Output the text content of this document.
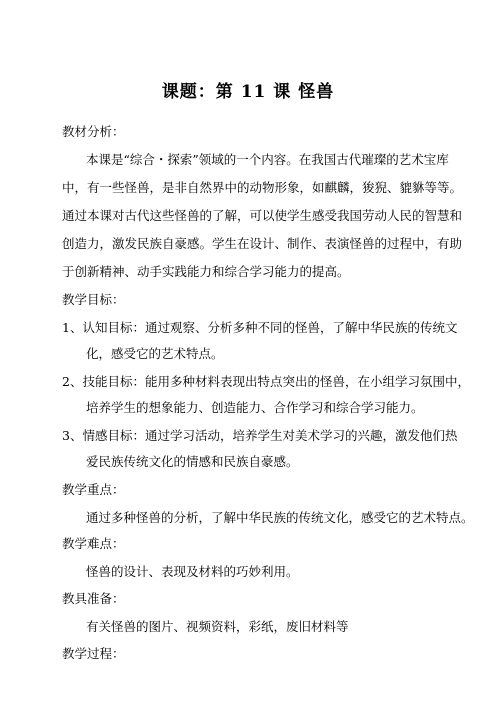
课题：第 11 课 怪兽
教材分析：
本课是“综合・探索”领域的一个内容。在我国古代璀璨的艺术宝库
中，有一些怪兽，是非自然界中的动物形象，如麒麟，狻猊、貔貅等等。
通过本课对古代这些怪兽的了解，可以使学生感受我国劳动人民的智慧和
创造力，激发民族自豪感。学生在设计、制作、表演怪兽的过程中，有助
于创新精神、动手实践能力和综合学习能力的提高。
教学目标：
1、认知目标：通过观察、分析多种不同的怪兽，了解中华民族的传统文
化，感受它的艺术特点。
2、技能目标：能用多种材料表现出特点突出的怪兽，在小组学习氛围中，
培养学生的想象能力、创造能力、合作学习和综合学习能力。
3、情感目标：通过学习活动，培养学生对美术学习的兴趣，激发他们热
爱民族传统文化的情感和民族自豪感。
教学重点：
通过多种怪兽的分析，了解中华民族的传统文化，感受它的艺术特点。
教学难点：
怪兽的设计、表现及材料的巧妙利用。
教具准备：
有关怪兽的图片、视频资料，彩纸，废旧材料等
教学过程：
